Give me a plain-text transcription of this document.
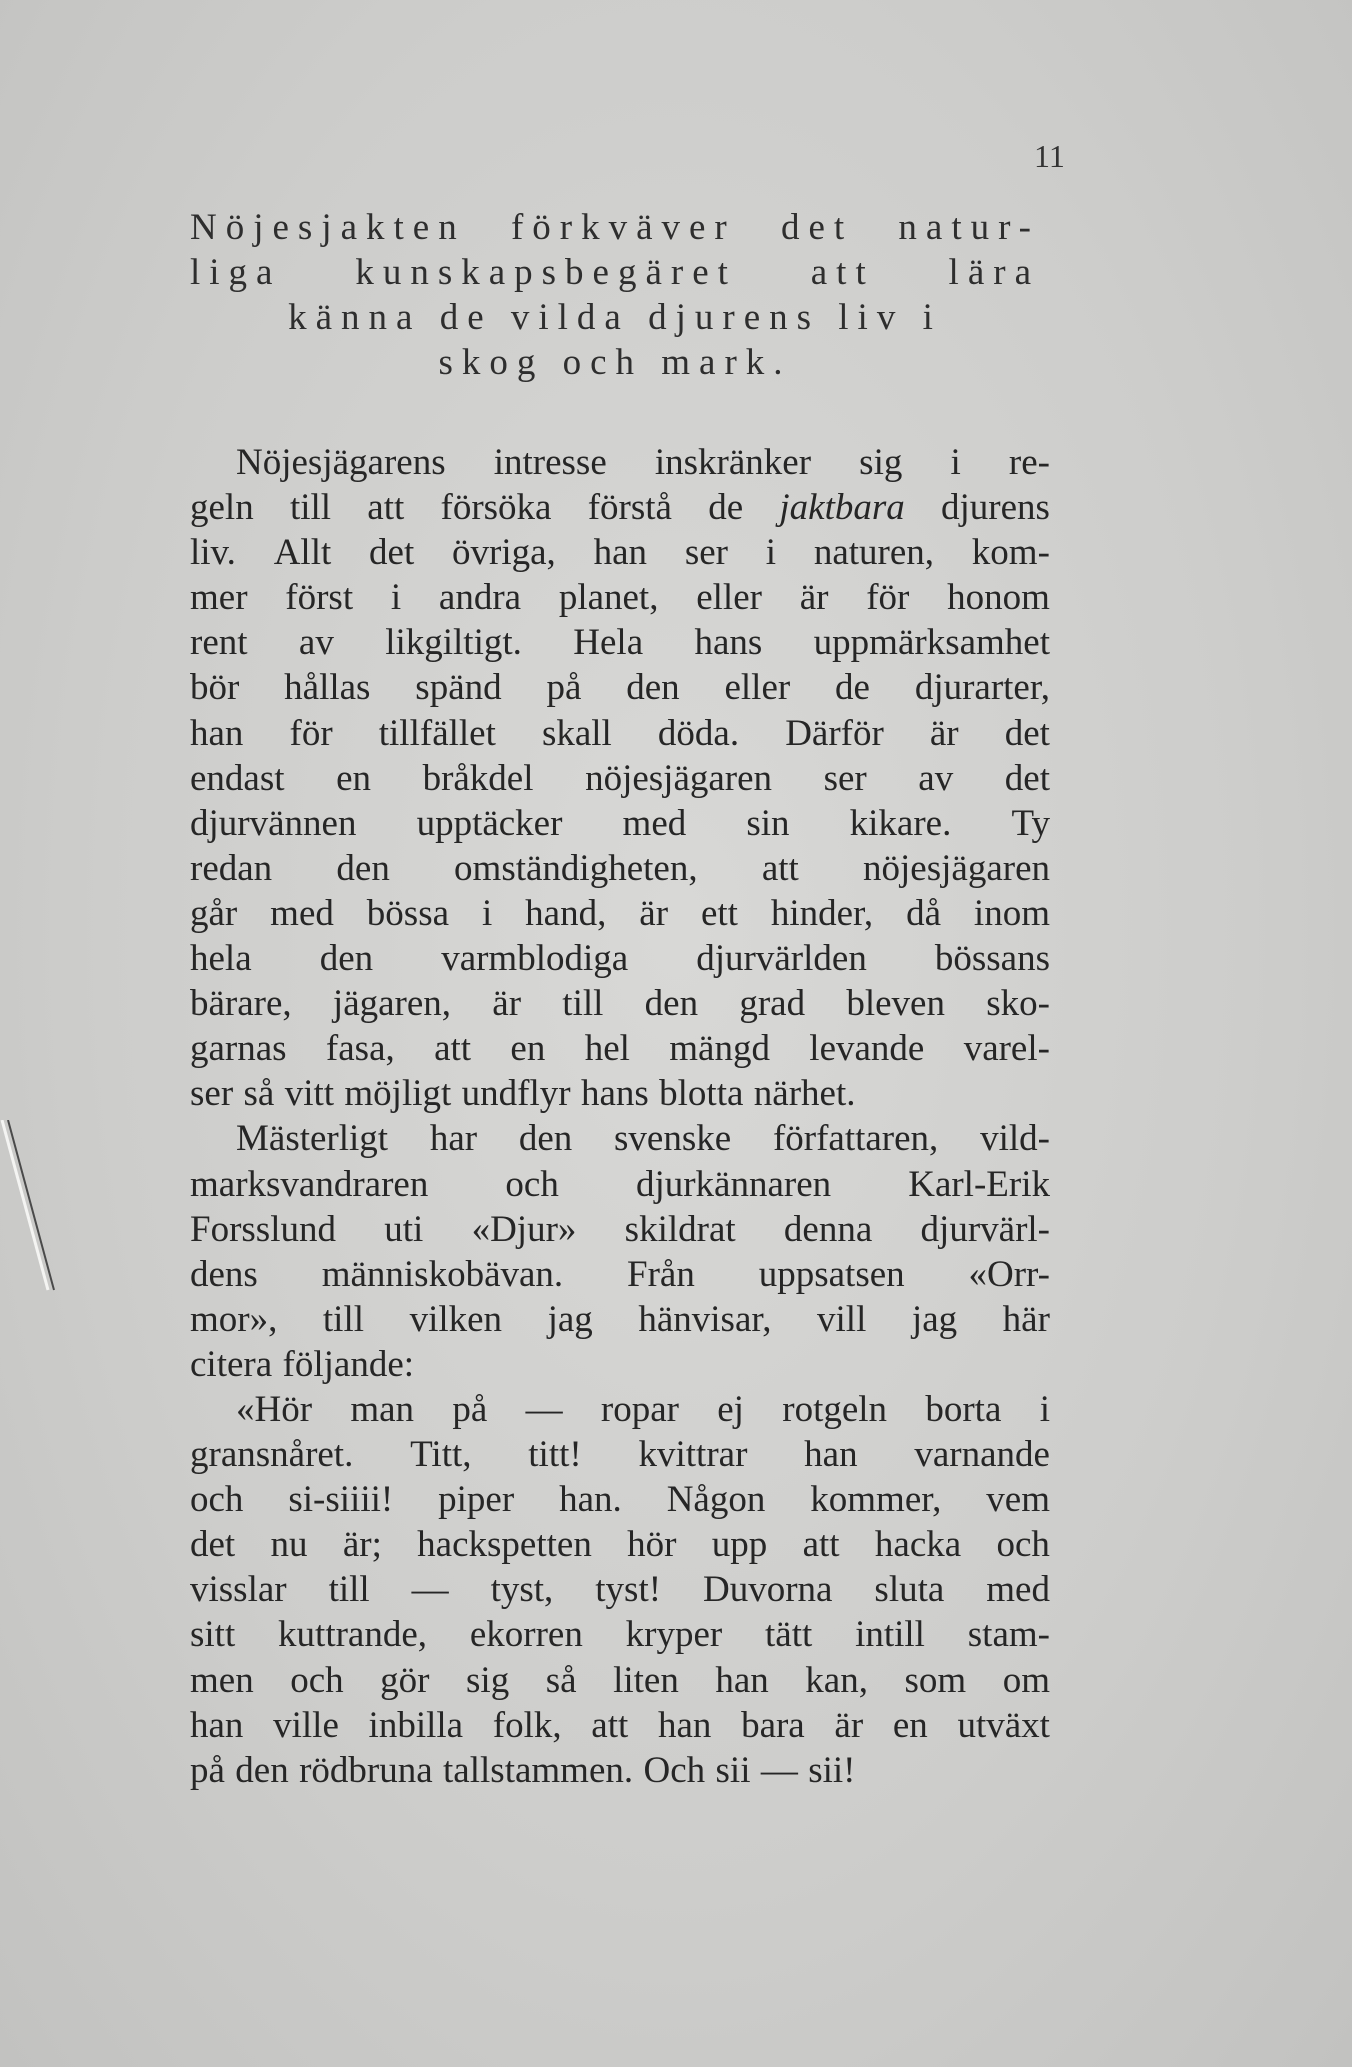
11
Nöjesjakten förkväver det natur-
liga kunskapsbegäret att lära
känna de vilda djurens liv i
skog och mark.
Nöjesjägarens intresse inskränker sig i re-
geln till att försöka förstå de jaktbara djurens
liv. Allt det övriga, han ser i naturen, kom-
mer först i andra planet, eller är för honom
rent av likgiltigt. Hela hans uppmärksamhet
bör hållas spänd på den eller de djurarter,
han för tillfället skall döda. Därför är det
endast en bråkdel nöjesjägaren ser av det
djurvännen upptäcker med sin kikare. Ty
redan den omständigheten, att nöjesjägaren
går med bössa i hand, är ett hinder, då inom
hela den varmblodiga djurvärlden bössans
bärare, jägaren, är till den grad bleven sko-
garnas fasa, att en hel mängd levande varel-
ser så vitt möjligt undflyr hans blotta närhet.
Mästerligt har den svenske författaren, vild-
marksvandraren och djurkännaren Karl-Erik
Forsslund uti «Djur» skildrat denna djurvärl-
dens människobävan. Från uppsatsen «Orr-
mor», till vilken jag hänvisar, vill jag här
citera följande:
«Hör man på — ropar ej rotgeln borta i
gransnåret. Titt, titt! kvittrar han varnande
och si-siiii! piper han. Någon kommer, vem
det nu är; hackspetten hör upp att hacka och
visslar till — tyst, tyst! Duvorna sluta med
sitt kuttrande, ekorren kryper tätt intill stam-
men och gör sig så liten han kan, som om
han ville inbilla folk, att han bara är en utväxt
på den rödbruna tallstammen. Och sii — sii!
